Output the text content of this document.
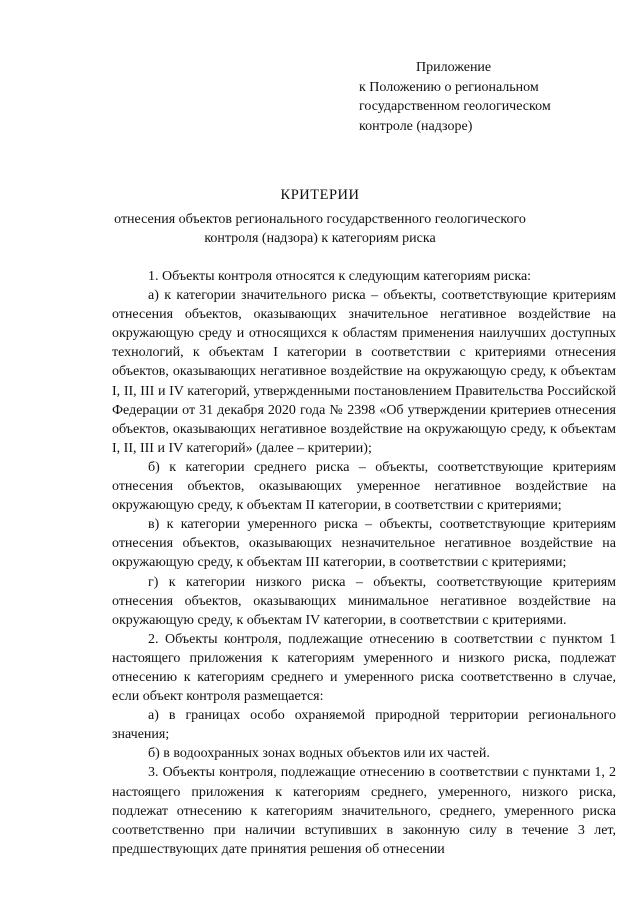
Приложение
к Положению о региональном
государственном геологическом
контроле (надзоре)
КРИТЕРИИ
отнесения объектов регионального государственного геологического
контроля (надзора) к категориям риска

1. Объекты контроля относятся к следующим категориям риска:

а) к категории значительного риска – объекты, соответствующие критериям отнесения объектов, оказывающих значительное негативное воздействие на окружающую среду и относящихся к областям применения наилучших доступных технологий, к объектам I категории в соответствии с критериями отнесения объектов, оказывающих негативное воздействие на окружающую среду, к объектам I, II, III и IV категорий, утвержденными постановлением Правительства Российской Федерации от 31 декабря 2020 года № 2398 «Об утверждении критериев отнесения объектов, оказывающих негативное воздействие на окружающую среду, к объектам I, II, III и IV категорий» (далее – критерии);

б) к категории среднего риска – объекты, соответствующие критериям отнесения объектов, оказывающих умеренное негативное воздействие на окружающую среду, к объектам II категории, в соответствии с критериями;

в) к категории умеренного риска – объекты, соответствующие критериям отнесения объектов, оказывающих незначительное негативное воздействие на окружающую среду, к объектам III категории, в соответствии с критериями;

г) к категории низкого риска – объекты, соответствующие критериям отнесения объектов, оказывающих минимальное негативное воздействие на окружающую среду, к объектам IV категории, в соответствии с критериями.

2. Объекты контроля, подлежащие отнесению в соответствии с пунктом 1 настоящего приложения к категориям умеренного и низкого риска, подлежат отнесению к категориям среднего и умеренного риска соответственно в случае, если объект контроля размещается:

а) в границах особо охраняемой природной территории регионального значения;

б) в водоохранных зонах водных объектов или их частей.

3. Объекты контроля, подлежащие отнесению в соответствии с пунктами 1, 2 настоящего приложения к категориям среднего, умеренного, низкого риска, подлежат отнесению к категориям значительного, среднего, умеренного риска соответственно при наличии вступивших в законную силу в течение 3 лет, предшествующих дате принятия решения об отнесении
